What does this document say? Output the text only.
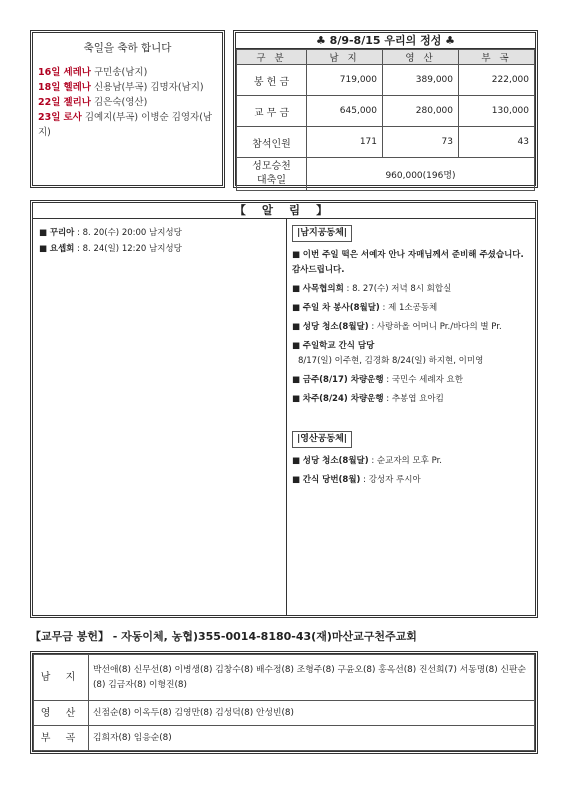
축일을 축하 합니다
16일 세레나 구민송(남지)
18일 헬레나 신용남(부곡) 김명자(남지)
22일 젤리나 김은숙(영산)
23일 로사 김예지(부곡) 이병순 김영자(남지)
♣ 8/9-8/15 우리의 정성 ♣
구 분	남 지	영 산	부 곡
봉 헌 금	719,000	389,000	222,000
교 무 금	645,000	280,000	130,000
참석인원	171	73	43

성모승천
대축일	960,000(196명)		
【 알 림 】
■ 꾸리아 : 8. 20(수) 20:00 남지성당
■ 요셉회 : 8. 24(일) 12:20 남지성당
|남지공동체|
■ 이번 주일 떡은 서예자 안나 자매님께서 준비해 주셨습니다. 감사드립니다.
■ 사목협의회 : 8. 27(수) 저녁 8시 회합실
■ 주일 차 봉사(8월달) : 제 1소공동체
■ 성당 청소(8월달) : 사랑하올 어머니 Pr./바다의 별 Pr.
■ 주일학교 간식 담당
8/17(일) 이주현, 김경화 8/24(일) 하지현, 이미영
■ 금주(8/17) 차량운행 : 국민수 세례자 요한
■ 차주(8/24) 차량운행 : 추봉엽 요아킴
|영산공동체|
■ 성당 청소(8월달) : 순교자의 모후 Pr.
■ 간식 당번(8월) : 강성자 루시아
【교무금 봉헌】 - 자동이체, 농협)355-0014-8180-43(재)마산교구천주교회
남 지	박선애(8) 신무선(8) 이병생(8) 김창수(8) 배수정(8) 조형주(8) 구윤오(8) 홍옥선(8) 진선희(7) 서동명(8) 신판순(8) 김금자(8) 이형진(8)
영 산	신점순(8) 이옥두(8) 김영만(8) 김성덕(8) 안성빈(8)
부 곡	김희자(8) 임응순(8)
